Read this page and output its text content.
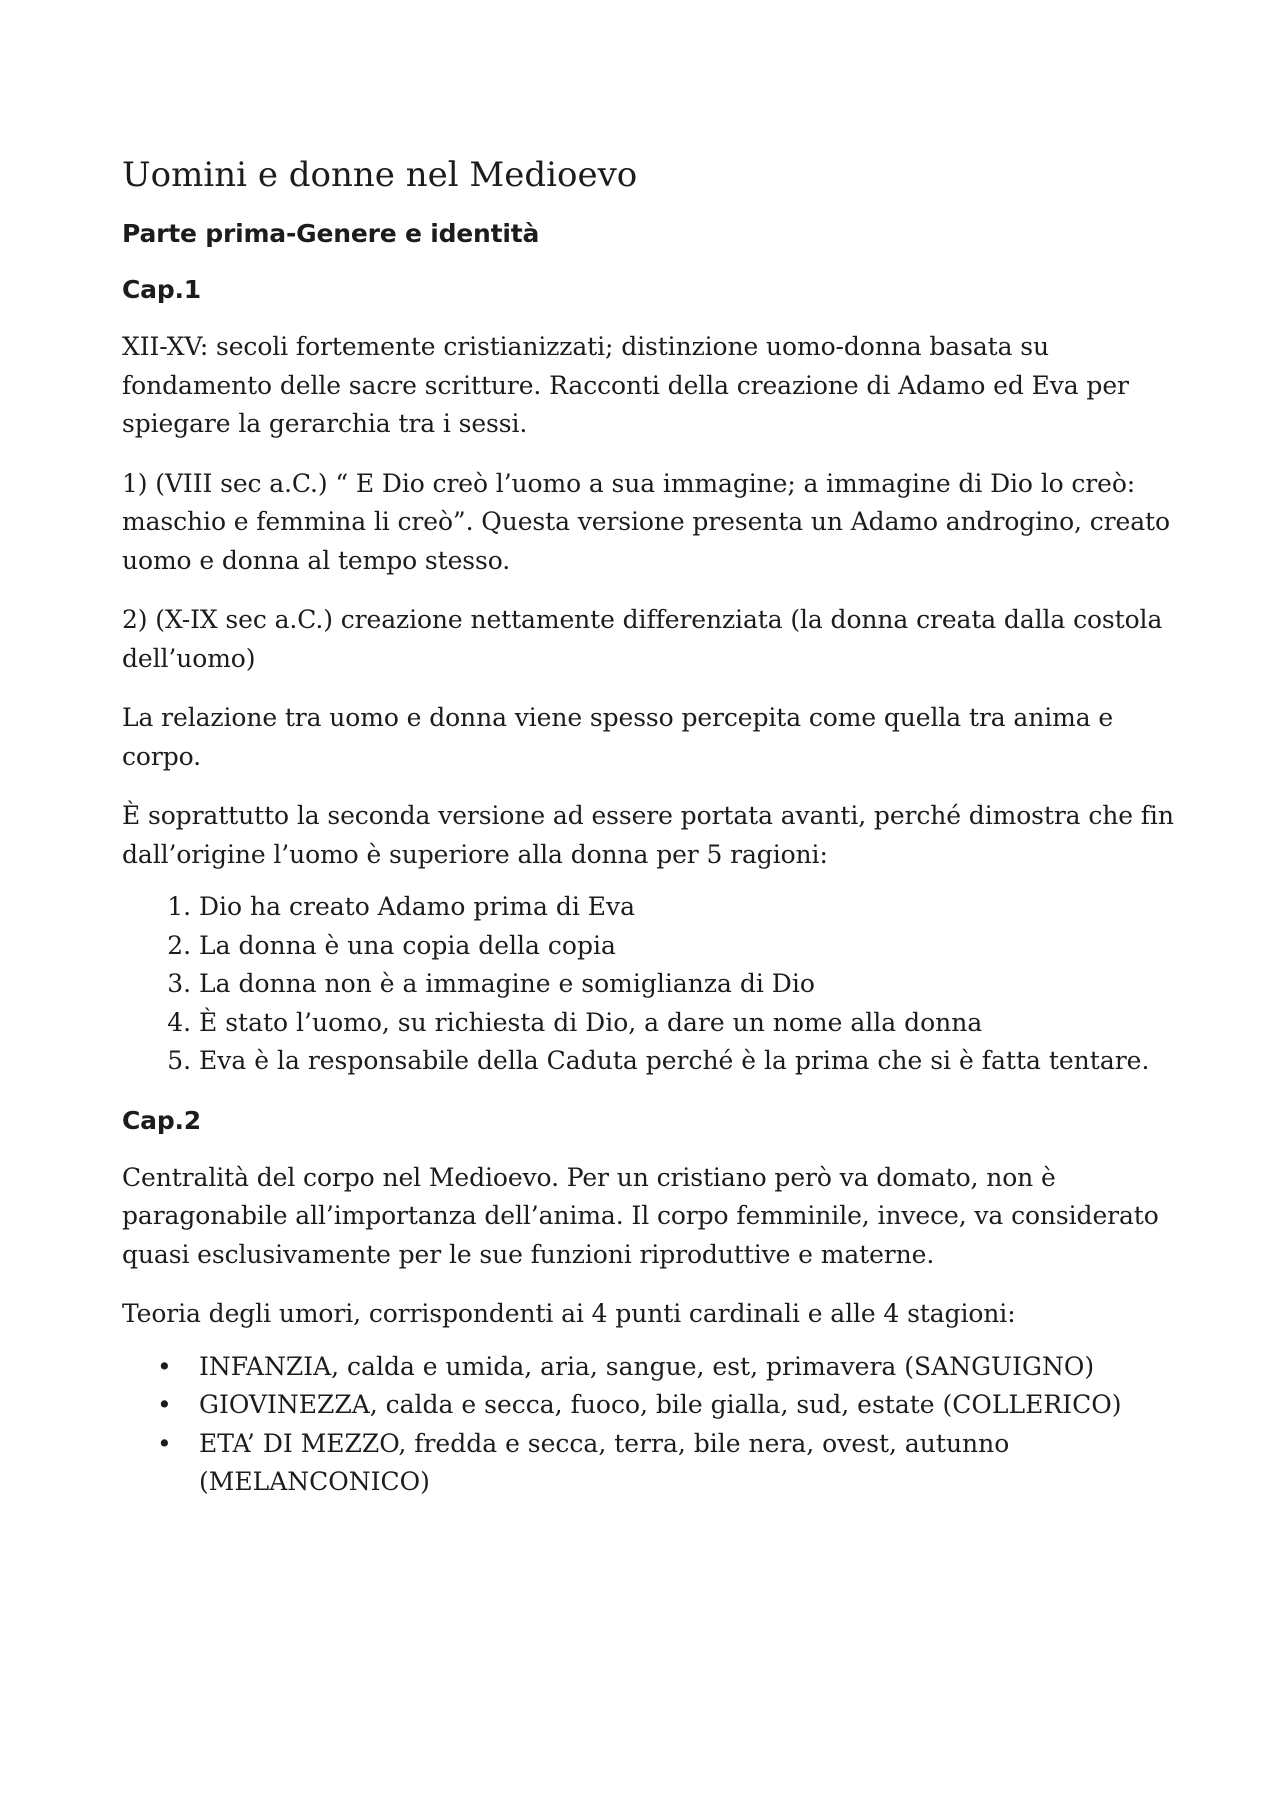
Uomini e donne nel Medioevo
Parte prima-Genere e identità
Cap.1

XII-XV: secoli fortemente cristianizzati; distinzione uomo-donna basata su fondamento delle sacre scritture. Racconti della creazione di Adamo ed Eva per spiegare la gerarchia tra i sessi.

1) (VIII sec a.C.) “ E Dio creò l’uomo a sua immagine; a immagine di Dio lo creò: maschio e femmina li creò”. Questa versione presenta un Adamo androgino, creato uomo e donna al tempo stesso.

2) (X-IX sec a.C.) creazione nettamente differenziata (la donna creata dalla costola dell’uomo)

La relazione tra uomo e donna viene spesso percepita come quella tra anima e corpo.

È soprattutto la seconda versione ad essere portata avanti, perché dimostra che fin dall’origine l’uomo è superiore alla donna per 5 ragioni:

1. Dio ha creato Adamo prima di Eva
2. La donna è una copia della copia
3. La donna non è a immagine e somiglianza di Dio
4. È stato l’uomo, su richiesta di Dio, a dare un nome alla donna
5. Eva è la responsabile della Caduta perché è la prima che si è fatta tentare.
Cap.2

Centralità del corpo nel Medioevo. Per un cristiano però va domato, non è paragonabile all’importanza dell’anima. Il corpo femminile, invece, va considerato quasi esclusivamente per le sue funzioni riproduttive e materne.

Teoria degli umori, corrispondenti ai 4 punti cardinali e alle 4 stagioni:

• INFANZIA, calda e umida, aria, sangue, est, primavera (SANGUIGNO)
• GIOVINEZZA, calda e secca, fuoco, bile gialla, sud, estate (COLLERICO)
• ETA’ DI MEZZO, fredda e secca, terra, bile nera, ovest, autunno (MELANCONICO)
